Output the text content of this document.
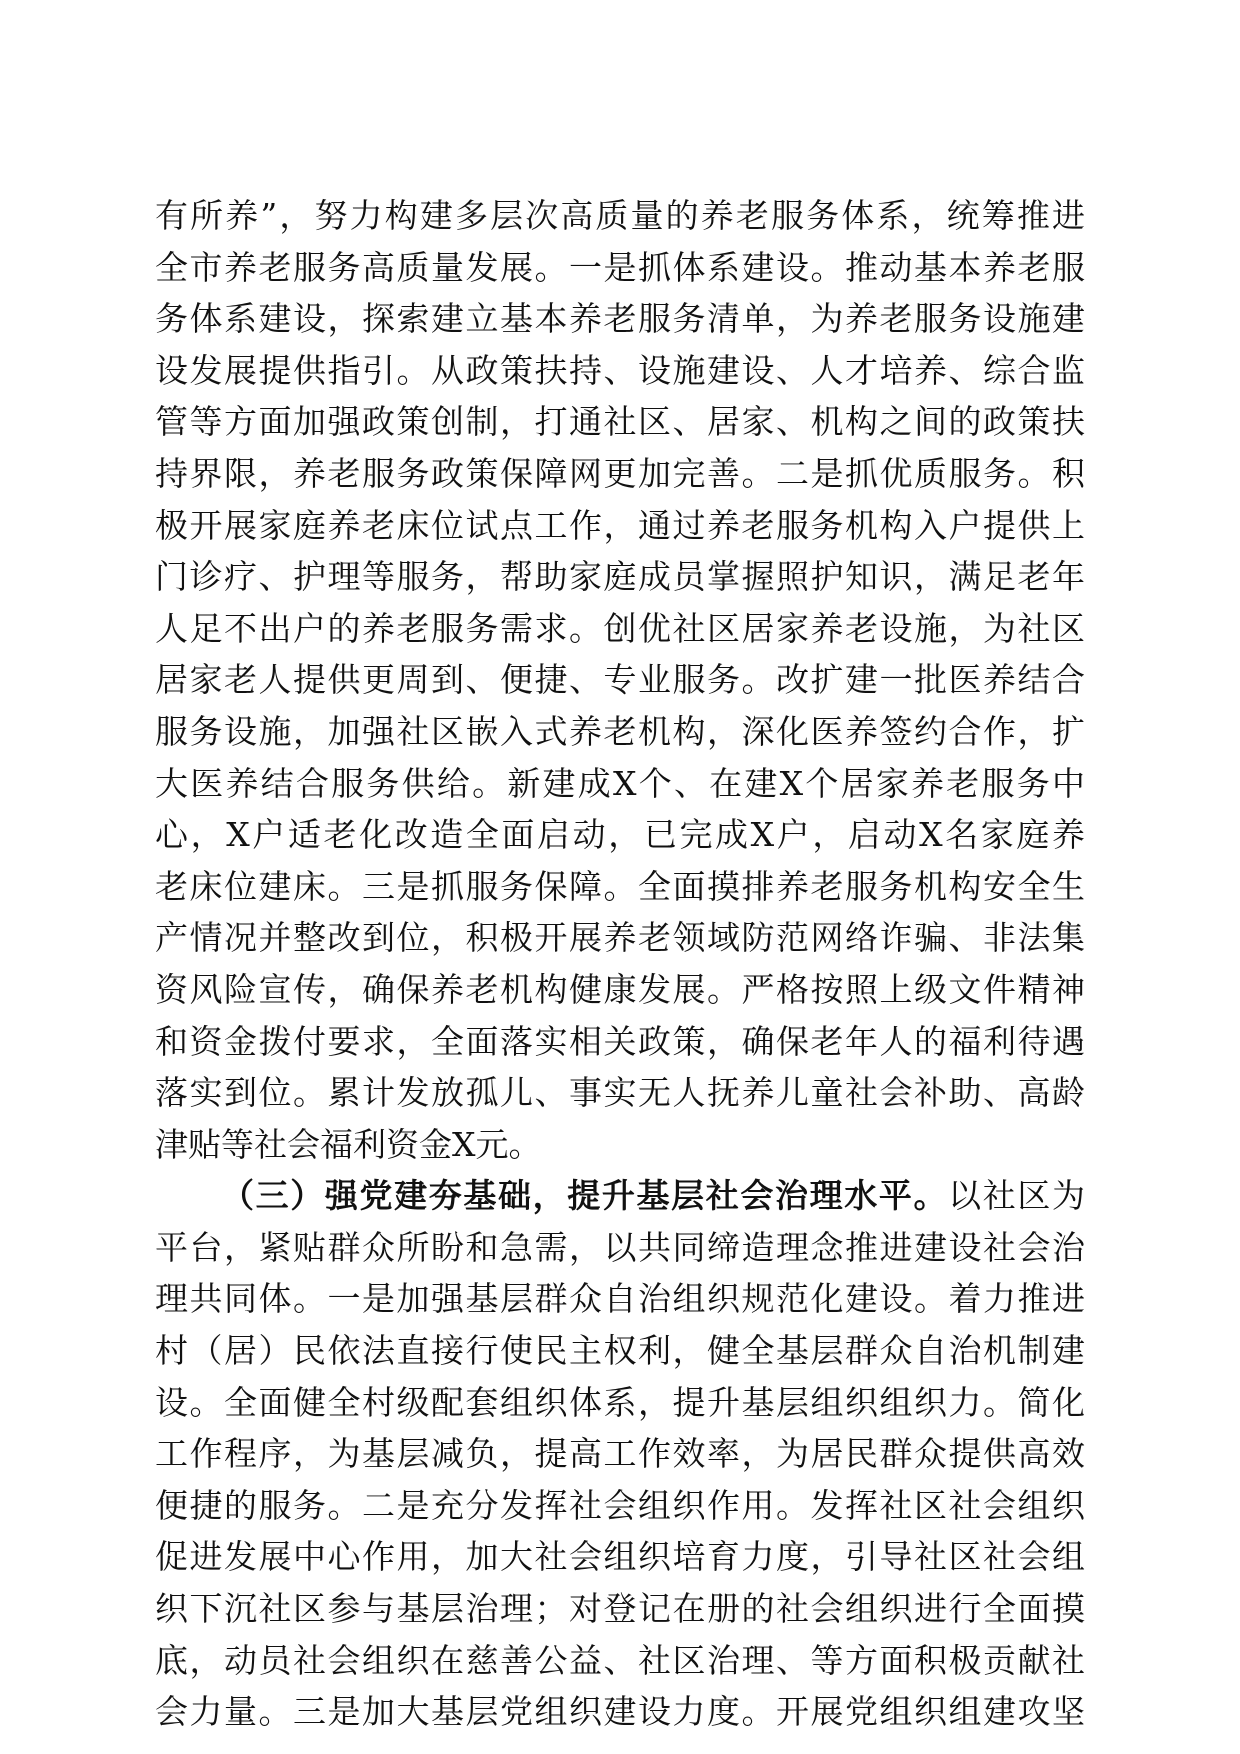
有所养”，努力构建多层次高质量的养老服务体系，统筹推进
全市养老服务高质量发展。一是抓体系建设。推动基本养老服
务体系建设，探索建立基本养老服务清单，为养老服务设施建
设发展提供指引。从政策扶持、设施建设、人才培养、综合监
管等方面加强政策创制，打通社区、居家、机构之间的政策扶
持界限，养老服务政策保障网更加完善。二是抓优质服务。积
极开展家庭养老床位试点工作，通过养老服务机构入户提供上
门诊疗、护理等服务，帮助家庭成员掌握照护知识，满足老年
人足不出户的养老服务需求。创优社区居家养老设施，为社区
居家老人提供更周到、便捷、专业服务。改扩建一批医养结合
服务设施，加强社区嵌入式养老机构，深化医养签约合作，扩
大医养结合服务供给。新建成X个、在建X个居家养老服务中
心，X户适老化改造全面启动，已完成X户，启动X名家庭养
老床位建床。三是抓服务保障。全面摸排养老服务机构安全生
产情况并整改到位，积极开展养老领域防范网络诈骗、非法集
资风险宣传，确保养老机构健康发展。严格按照上级文件精神
和资金拨付要求，全面落实相关政策，确保老年人的福利待遇
落实到位。累计发放孤儿、事实无人抚养儿童社会补助、高龄
津贴等社会福利资金X元。
（三）强党建夯基础，提升基层社会治理水平。以社区为
平台，紧贴群众所盼和急需，以共同缔造理念推进建设社会治
理共同体。一是加强基层群众自治组织规范化建设。着力推进
村（居）民依法直接行使民主权利，健全基层群众自治机制建
设。全面健全村级配套组织体系，提升基层组织组织力。简化
工作程序，为基层减负，提高工作效率，为居民群众提供高效
便捷的服务。二是充分发挥社会组织作用。发挥社区社会组织
促进发展中心作用，加大社会组织培育力度，引导社区社会组
织下沉社区参与基层治理；对登记在册的社会组织进行全面摸
底，动员社会组织在慈善公益、社区治理、等方面积极贡献社
会力量。三是加大基层党组织建设力度。开展党组织组建攻坚
